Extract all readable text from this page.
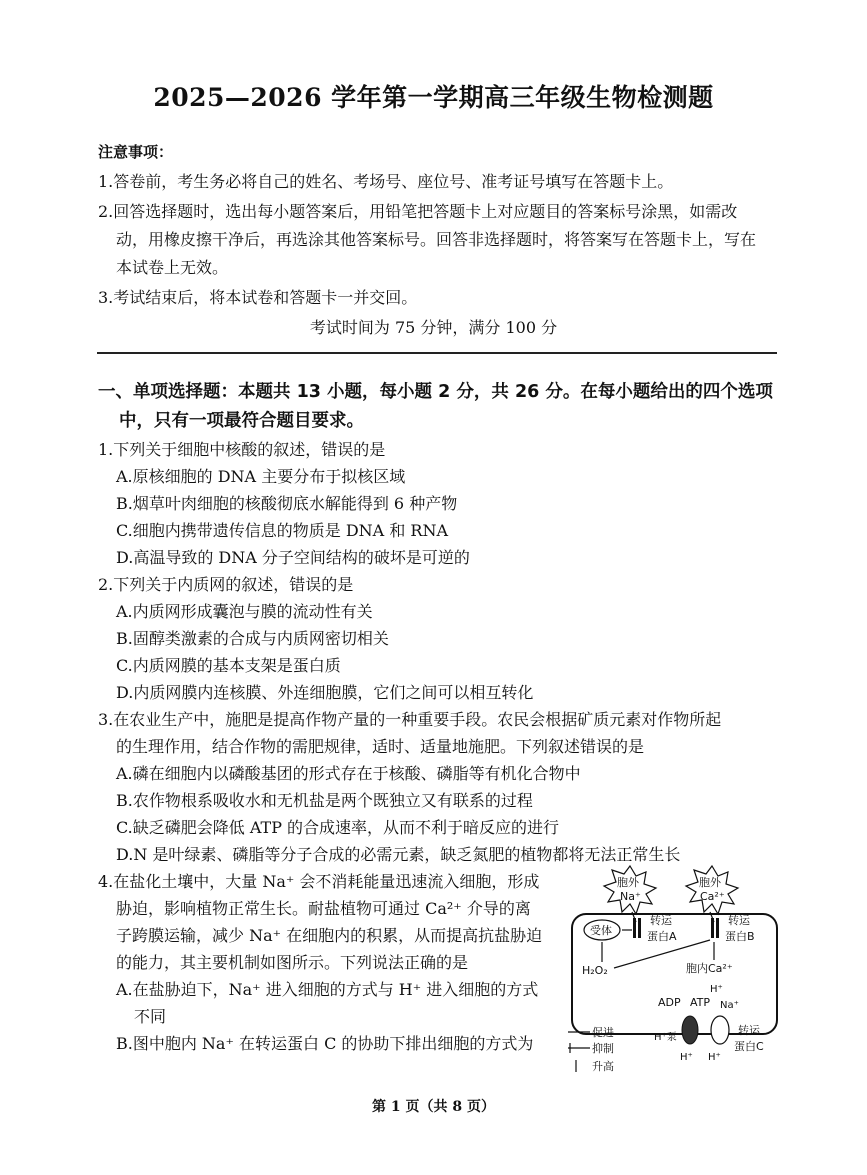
2025—2026 学年第一学期高三年级生物检测题
注意事项：
1.答卷前，考生务必将自己的姓名、考场号、座位号、准考证号填写在答题卡上。
2.回答选择题时，选出每小题答案后，用铅笔把答题卡上对应题目的答案标号涂黑，如需改
动，用橡皮擦干净后，再选涂其他答案标号。回答非选择题时，将答案写在答题卡上，写在
本试卷上无效。
3.考试结束后，将本试卷和答题卡一并交回。
考试时间为 75 分钟，满分 100 分
一、单项选择题：本题共 13 小题，每小题 2 分，共 26 分。在每小题给出的四个选项
中，只有一项最符合题目要求。
1.下列关于细胞中核酸的叙述，错误的是
A.原核细胞的 DNA 主要分布于拟核区域
B.烟草叶肉细胞的核酸彻底水解能得到 6 种产物
C.细胞内携带遗传信息的物质是 DNA 和 RNA
D.高温导致的 DNA 分子空间结构的破坏是可逆的
2.下列关于内质网的叙述，错误的是
A.内质网形成囊泡与膜的流动性有关
B.固醇类激素的合成与内质网密切相关
C.内质网膜的基本支架是蛋白质
D.内质网膜内连核膜、外连细胞膜，它们之间可以相互转化
3.在农业生产中，施肥是提高作物产量的一种重要手段。农民会根据矿质元素对作物所起
的生理作用，结合作物的需肥规律，适时、适量地施肥。下列叙述错误的是
A.磷在细胞内以磷酸基团的形式存在于核酸、磷脂等有机化合物中
B.农作物根系吸收水和无机盐是两个既独立又有联系的过程
C.缺乏磷肥会降低 ATP 的合成速率，从而不利于暗反应的进行
D.N 是叶绿素、磷脂等分子合成的必需元素，缺乏氮肥的植物都将无法正常生长
4.在盐化土壤中，大量 Na⁺ 会不消耗能量迅速流入细胞，形成
胁迫，影响植物正常生长。耐盐植物可通过 Ca²⁺ 介导的离
子跨膜运输，减少 Na⁺ 在细胞内的积累，从而提高抗盐胁迫
的能力，其主要机制如图所示。下列说法正确的是
A.在盐胁迫下，Na⁺ 进入细胞的方式与 H⁺ 进入细胞的方式
不同
B.图中胞内 Na⁺ 在转运蛋白 C 的协助下排出细胞的方式为
胞外
Na⁺
胞外
Ca²⁺
受体
转运
蛋白A
转运
蛋白B
H₂O₂	胞内Ca²⁺
ADP ATP Na⁺
H⁺泵
H⁺ H⁺
H⁺
转运
蛋白C
促进
抑制
升高
第 1 页（共 8 页）
